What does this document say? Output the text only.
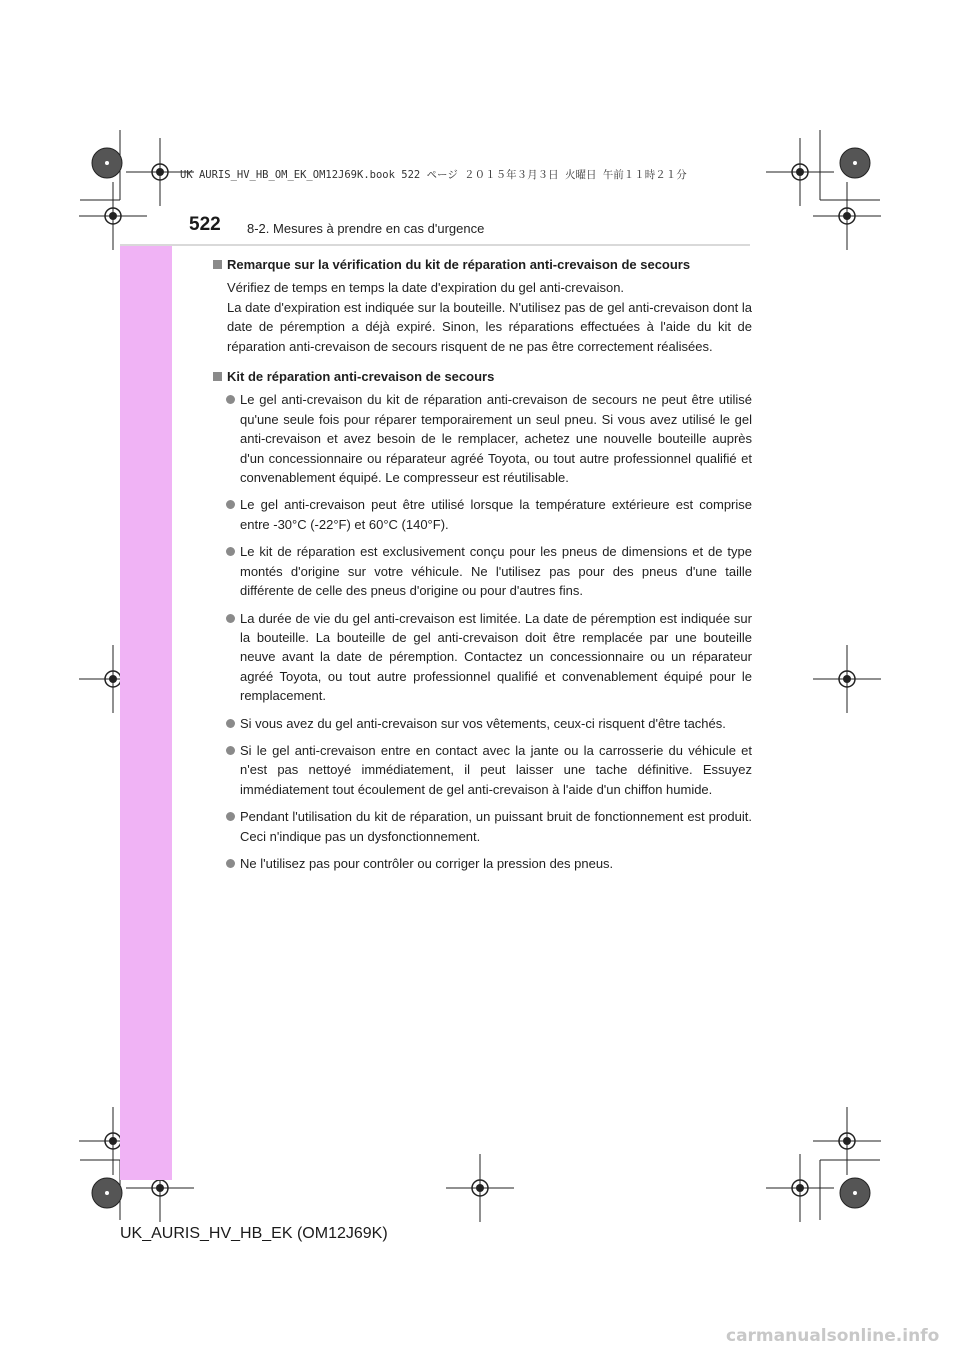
UK AURIS_HV_HB_OM_EK_OM12J69K.book 522 ページ ２０１５年３月３日 火曜日 午前１１時２１分
522 8-2. Mesures à prendre en cas d'urgence
Remarque sur la vérification du kit de réparation anti-crevaison de secours
Vérifiez de temps en temps la date d'expiration du gel anti-crevaison.
La date d'expiration est indiquée sur la bouteille. N'utilisez pas de gel anti-crevaison dont la date de péremption a déjà expiré. Sinon, les réparations effectuées à l'aide du kit de réparation anti-crevaison de secours risquent de ne pas être correctement réalisées.
Kit de réparation anti-crevaison de secours
Le gel anti-crevaison du kit de réparation anti-crevaison de secours ne peut être utilisé qu'une seule fois pour réparer temporairement un seul pneu. Si vous avez utilisé le gel anti-crevaison et avez besoin de le remplacer, achetez une nouvelle bouteille auprès d'un concessionnaire ou réparateur agréé Toyota, ou tout autre professionnel qualifié et convenablement équipé. Le compresseur est réutilisable.
Le gel anti-crevaison peut être utilisé lorsque la température extérieure est comprise entre -30°C (-22°F) et 60°C (140°F).
Le kit de réparation est exclusivement conçu pour les pneus de dimensions et de type montés d'origine sur votre véhicule. Ne l'utilisez pas pour des pneus d'une taille différente de celle des pneus d'origine ou pour d'autres fins.
La durée de vie du gel anti-crevaison est limitée. La date de péremption est indiquée sur la bouteille. La bouteille de gel anti-crevaison doit être remplacée par une bouteille neuve avant la date de péremption. Contactez un concessionnaire ou un réparateur agréé Toyota, ou tout autre professionnel qualifié et convenablement équipé pour le remplacement.
Si vous avez du gel anti-crevaison sur vos vêtements, ceux-ci risquent d'être tachés.
Si le gel anti-crevaison entre en contact avec la jante ou la carrosserie du véhicule et n'est pas nettoyé immédiatement, il peut laisser une tache définitive. Essuyez immédiatement tout écoulement de gel anti-crevaison à l'aide d'un chiffon humide.
Pendant l'utilisation du kit de réparation, un puissant bruit de fonctionnement est produit. Ceci n'indique pas un dysfonctionnement.
Ne l'utilisez pas pour contrôler ou corriger la pression des pneus.
UK_AURIS_HV_HB_EK (OM12J69K)
carmanualsonline.info
